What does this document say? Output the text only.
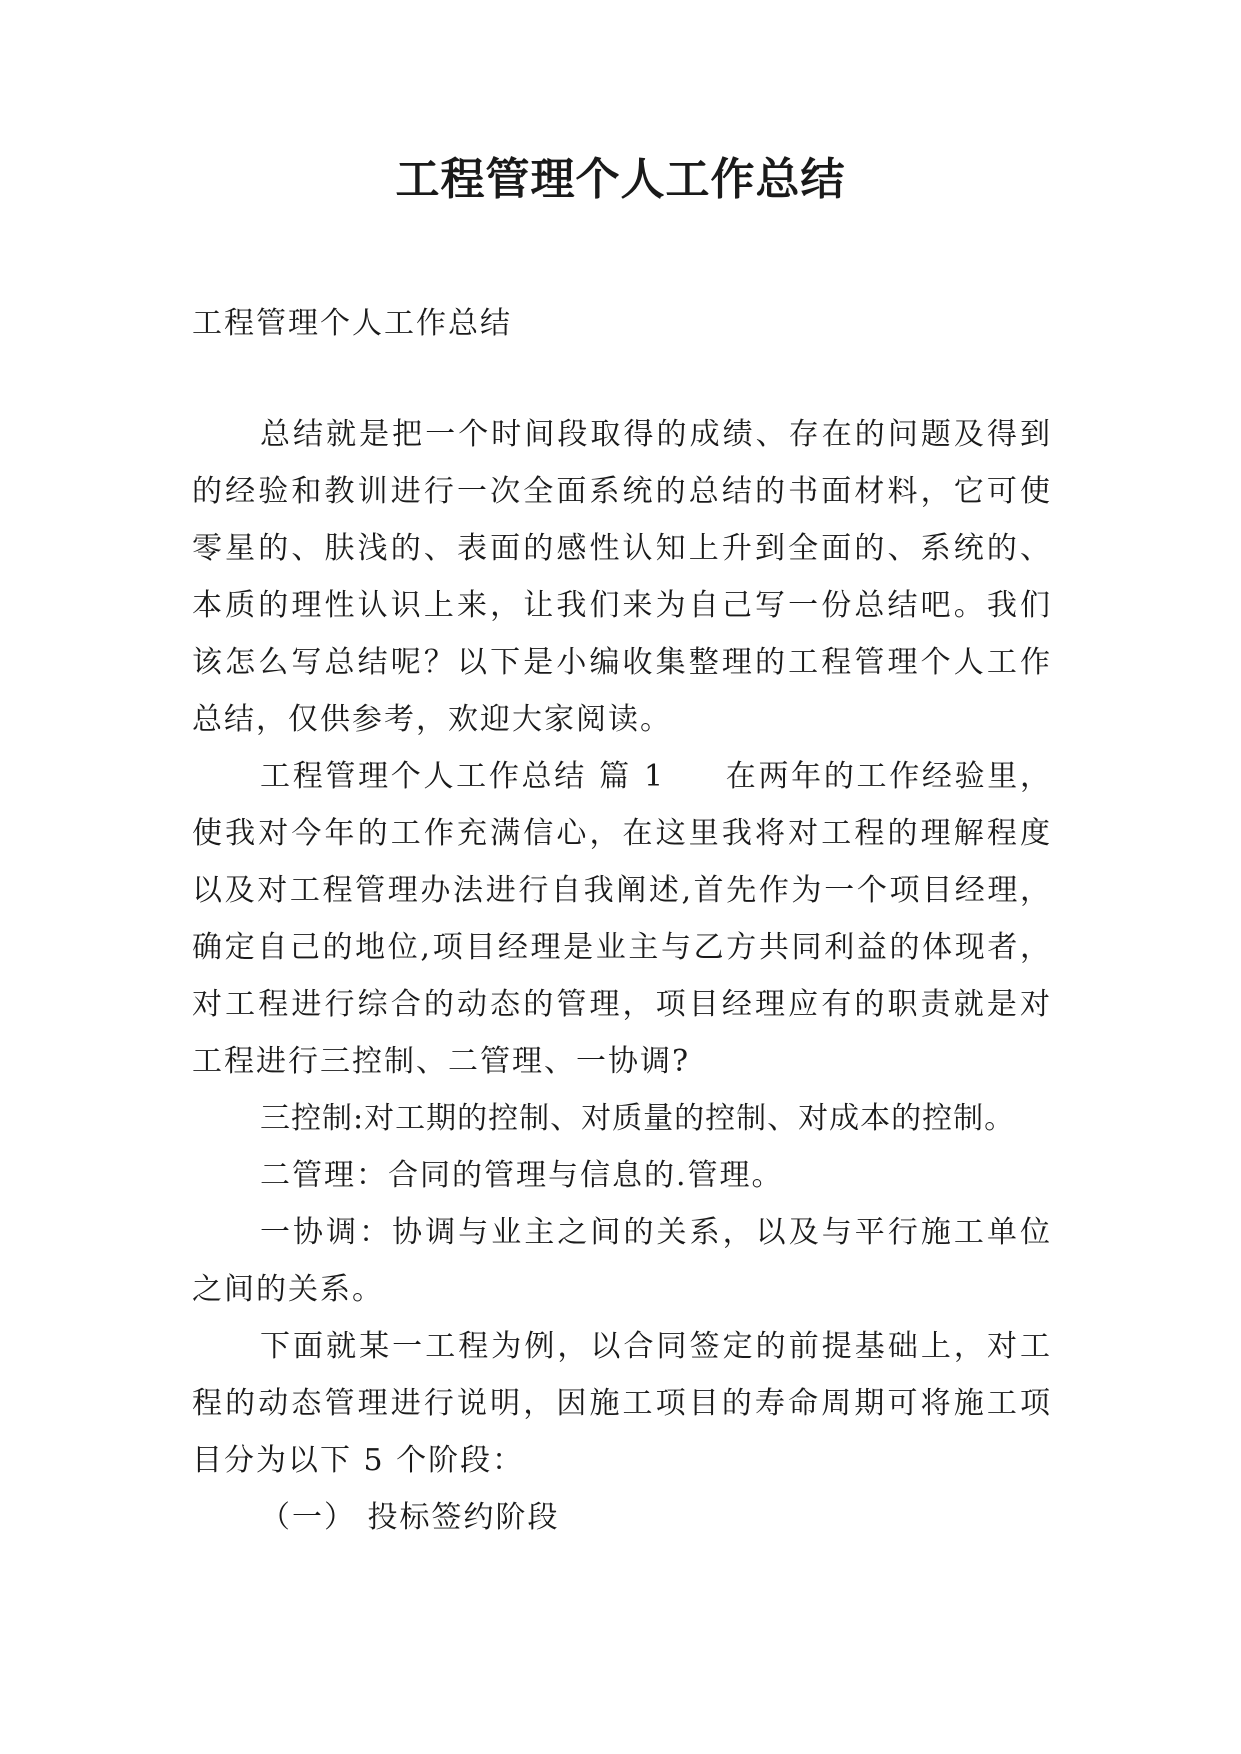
工程管理个人工作总结

工程管理个人工作总结

总结就是把一个时间段取得的成绩、存在的问题及得到的经验和教训进行一次全面系统的总结的书面材料，它可使零星的、肤浅的、表面的感性认知上升到全面的、系统的、本质的理性认识上来，让我们来为自己写一份总结吧。我们该怎么写总结呢？以下是小编收集整理的工程管理个人工作总结，仅供参考，欢迎大家阅读。

工程管理个人工作总结 篇 1 在两年的工作经验里，使我对今年的工作充满信心，在这里我将对工程的理解程度以及对工程管理办法进行自我阐述,首先作为一个项目经理，确定自己的地位,项目经理是业主与乙方共同利益的体现者，对工程进行综合的动态的管理，项目经理应有的职责就是对工程进行三控制、二管理、一协调?

三控制:对工期的控制、对质量的控制、对成本的控制。

二管理：合同的管理与信息的.管理。

一协调：协调与业主之间的关系，以及与平行施工单位之间的关系。

下面就某一工程为例，以合同签定的前提基础上，对工程的动态管理进行说明，因施工项目的寿命周期可将施工项目分为以下 5 个阶段：

（一） 投标签约阶段
